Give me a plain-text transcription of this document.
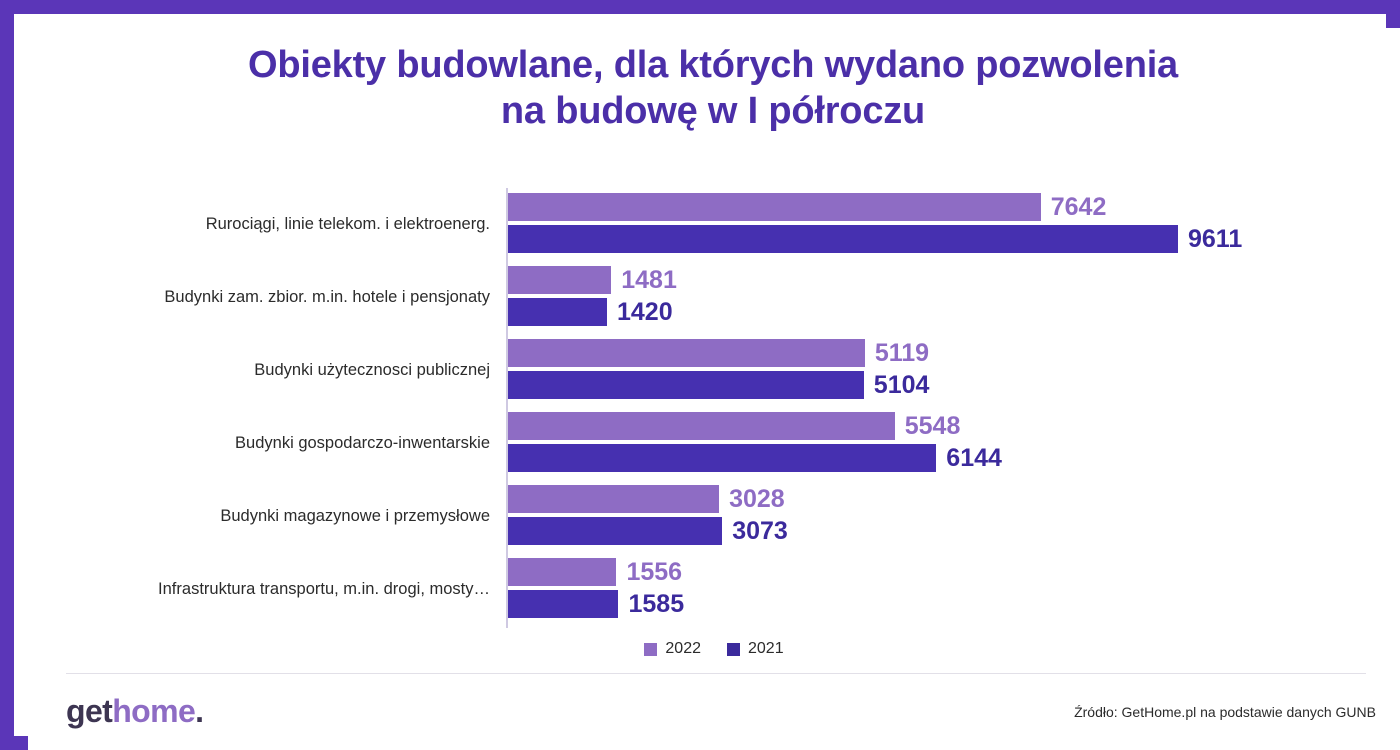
Obiekty budowlane, dla których wydano pozwolenia
na budowę w I półroczu
Rurociągi, linie telekom. i elektroenerg.
7642
9611
Budynki zam. zbior. m.in. hotele i pensjonaty
1481
1420
Budynki użytecznosci publicznej
5119
5104
Budynki gospodarczo-inwentarskie
5548
6144
Budynki magazynowe i przemysłowe
3028
3073
Infrastruktura transportu, m.in. drogi, mosty…
1556
1585
2022	2021
gethome.	Źródło: GetHome.pl na podstawie danych GUNB
